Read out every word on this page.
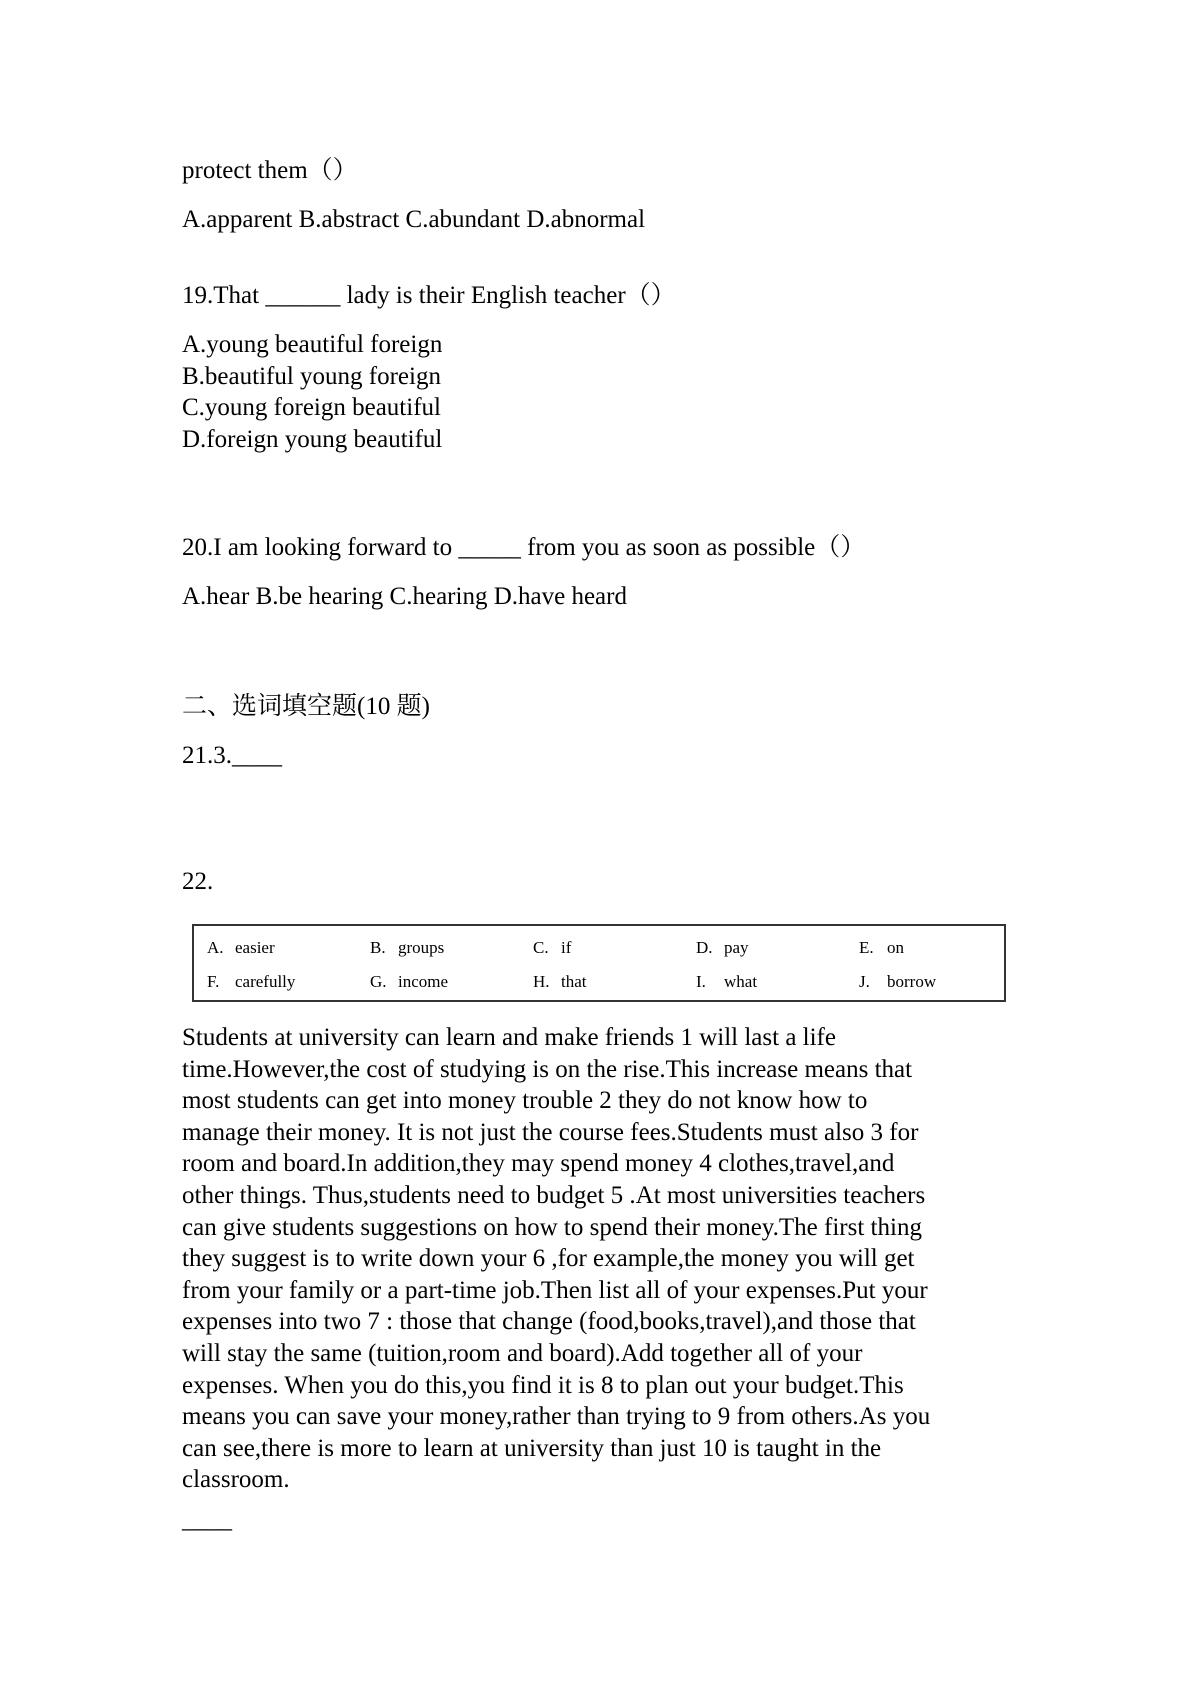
protect them（）
A.apparent B.abstract C.abundant D.abnormal
19.That ______ lady is their English teacher（）
A.young beautiful foreign
B.beautiful young foreign
C.young foreign beautiful
D.foreign young beautiful
20.I am looking forward to _____ from you as soon as possible（）
A.hear B.be hearing C.hearing D.have heard
二、选词填空题(10 题)
21.3.____
22.
A. easier	B. groups	C. if	D. pay	E. on
F. carefully	G. income	H. that	I. what	J. borrow
Students at university can learn and make friends 1 will last a life
time.However,the cost of studying is on the rise.This increase means that
most students can get into money trouble 2 they do not know how to
manage their money. It is not just the course fees.Students must also 3 for
room and board.In addition,they may spend money 4 clothes,travel,and
other things. Thus,students need to budget 5 .At most universities teachers
can give students suggestions on how to spend their money.The first thing
they suggest is to write down your 6 ,for example,the money you will get
from your family or a part-time job.Then list all of your expenses.Put your
expenses into two 7 : those that change (food,books,travel),and those that
will stay the same (tuition,room and board).Add together all of your
expenses. When you do this,you find it is 8 to plan out your budget.This
means you can save your money,rather than trying to 9 from others.As you
can see,there is more to learn at university than just 10 is taught in the
classroom.
____
